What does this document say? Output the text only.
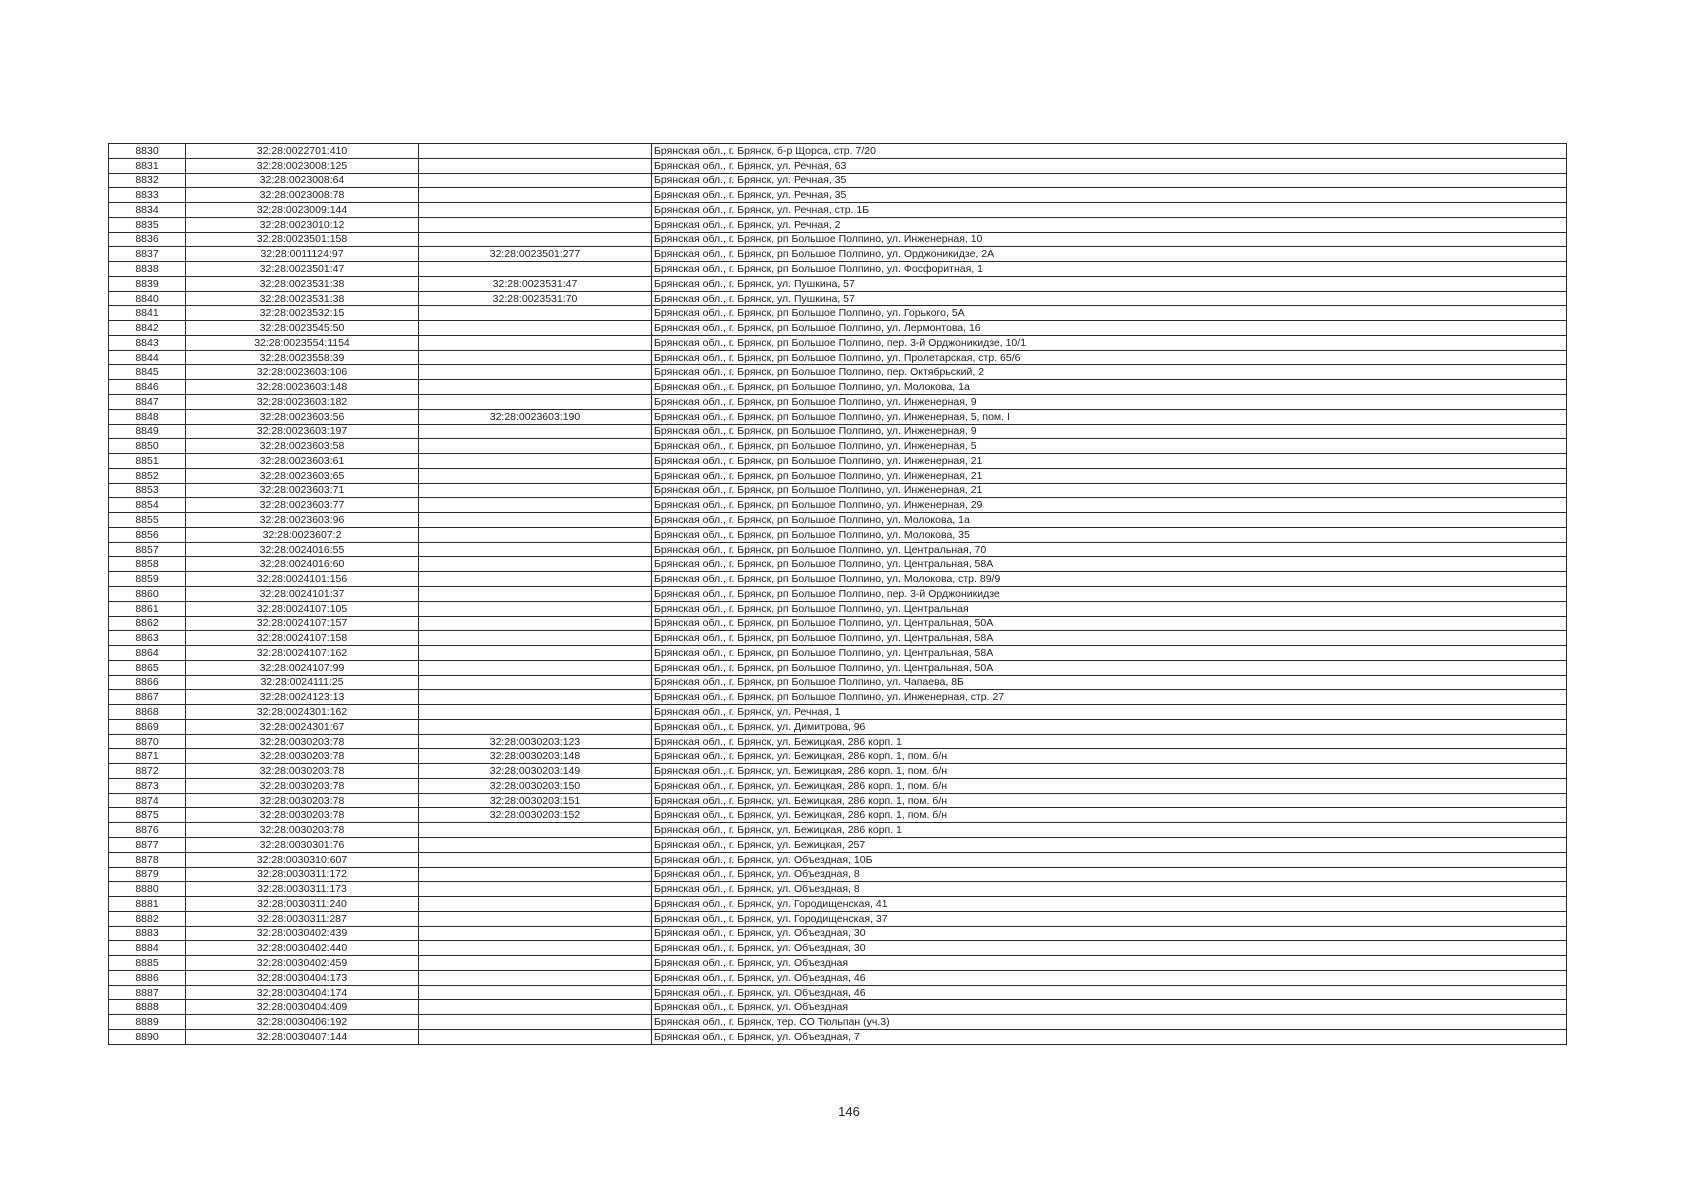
8830	32:28:0022701:410		Брянская обл., г. Брянск, б-р Щорса, стр. 7/20
8831	32:28:0023008:125		Брянская обл., г. Брянск, ул. Речная, 63
8832	32:28:0023008:64		Брянская обл., г. Брянск, ул. Речная, 35
8833	32:28:0023008:78		Брянская обл., г. Брянск, ул. Речная, 35
8834	32:28:0023009:144		Брянская обл., г. Брянск, ул. Речная, стр. 1Б
8835	32:28:0023010:12		Брянская обл., г. Брянск, ул. Речная, 2
8836	32:28:0023501:158		Брянская обл., г. Брянск, рп Большое Полпино, ул. Инженерная, 10
8837	32:28:0011124:97	32:28:0023501:277	Брянская обл., г. Брянск, рп Большое Полпино, ул. Орджоникидзе, 2А
8838	32:28:0023501:47		Брянская обл., г. Брянск, рп Большое Полпино, ул. Фосфоритная, 1
8839	32:28:0023531:38	32:28:0023531:47	Брянская обл., г. Брянск, ул. Пушкина, 57
8840	32:28:0023531:38	32:28:0023531:70	Брянская обл., г. Брянск, ул. Пушкина, 57
8841	32:28:0023532:15		Брянская обл., г. Брянск, рп Большое Полпино, ул. Горького, 5А
8842	32:28:0023545:50		Брянская обл., г. Брянск, рп Большое Полпино, ул. Лермонтова, 16
8843	32:28:0023554:1154		Брянская обл., г. Брянск, рп Большое Полпино, пер. 3-й Орджоникидзе, 10/1
8844	32:28:0023558:39		Брянская обл., г. Брянск, рп Большое Полпино, ул. Пролетарская, стр. 65/6
8845	32:28:0023603:106		Брянская обл., г. Брянск, рп Большое Полпино, пер. Октябрьский, 2
8846	32:28:0023603:148		Брянская обл., г. Брянск, рп Большое Полпино, ул. Молокова, 1а
8847	32:28:0023603:182		Брянская обл., г. Брянск, рп Большое Полпино, ул. Инженерная, 9
8848	32:28:0023603:56	32:28:0023603:190	Брянская обл., г. Брянск, рп Большое Полпино, ул. Инженерная, 5, пом. I
8849	32:28:0023603:197		Брянская обл., г. Брянск, рп Большое Полпино, ул. Инженерная, 9
8850	32:28:0023603:58		Брянская обл., г. Брянск, рп Большое Полпино, ул. Инженерная, 5
8851	32:28:0023603:61		Брянская обл., г. Брянск, рп Большое Полпино, ул. Инженерная, 21
8852	32:28:0023603:65		Брянская обл., г. Брянск, рп Большое Полпино, ул. Инженерная, 21
8853	32:28:0023603:71		Брянская обл., г. Брянск, рп Большое Полпино, ул. Инженерная, 21
8854	32:28:0023603:77		Брянская обл., г. Брянск, рп Большое Полпино, ул. Инженерная, 29
8855	32:28:0023603:96		Брянская обл., г. Брянск, рп Большое Полпино, ул. Молокова, 1а
8856	32:28:0023607:2		Брянская обл., г. Брянск, рп Большое Полпино, ул. Молокова, 35
8857	32:28:0024016:55		Брянская обл., г. Брянск, рп Большое Полпино, ул. Центральная, 70
8858	32:28:0024016:60		Брянская обл., г. Брянск, рп Большое Полпино, ул. Центральная, 58А
8859	32:28:0024101:156		Брянская обл., г. Брянск, рп Большое Полпино, ул. Молокова, стр. 89/9
8860	32:28:0024101:37		Брянская обл., г. Брянск, рп Большое Полпино, пер. 3-й Орджоникидзе
8861	32:28:0024107:105		Брянская обл., г. Брянск, рп Большое Полпино, ул. Центральная
8862	32:28:0024107:157		Брянская обл., г. Брянск, рп Большое Полпино, ул. Центральная, 50А
8863	32:28:0024107:158		Брянская обл., г. Брянск, рп Большое Полпино, ул. Центральная, 58А
8864	32:28:0024107:162		Брянская обл., г. Брянск, рп Большое Полпино, ул. Центральная, 58А
8865	32:28:0024107:99		Брянская обл., г. Брянск, рп Большое Полпино, ул. Центральная, 50А
8866	32:28:0024111:25		Брянская обл., г. Брянск, рп Большое Полпино, ул. Чапаева, 8Б
8867	32:28:0024123:13		Брянская обл., г. Брянск, рп Большое Полпино, ул. Инженерная, стр. 27
8868	32:28:0024301:162		Брянская обл., г. Брянск, ул. Речная, 1
8869	32:28:0024301:67		Брянская обл., г. Брянск, ул. Димитрова, 96
8870	32:28:0030203:78	32:28:0030203:123	Брянская обл., г. Брянск, ул. Бежицкая, 286 корп. 1
8871	32:28:0030203:78	32:28:0030203:148	Брянская обл., г. Брянск, ул. Бежицкая, 286 корп. 1, пом. б/н
8872	32:28:0030203:78	32:28:0030203:149	Брянская обл., г. Брянск, ул. Бежицкая, 286 корп. 1, пом. б/н
8873	32:28:0030203:78	32:28:0030203:150	Брянская обл., г. Брянск, ул. Бежицкая, 286 корп. 1, пом. б/н
8874	32:28:0030203:78	32:28:0030203:151	Брянская обл., г. Брянск, ул. Бежицкая, 286 корп. 1, пом. б/н
8875	32:28:0030203:78	32:28:0030203:152	Брянская обл., г. Брянск, ул. Бежицкая, 286 корп. 1, пом. б/н
8876	32:28:0030203:78		Брянская обл., г. Брянск, ул. Бежицкая, 286 корп. 1
8877	32:28:0030301:76		Брянская обл., г. Брянск, ул. Бежицкая, 257
8878	32:28:0030310:607		Брянская обл., г. Брянск, ул. Объездная, 10Б
8879	32:28:0030311:172		Брянская обл., г. Брянск, ул. Объездная, 8
8880	32:28:0030311:173		Брянская обл., г. Брянск, ул. Объездная, 8
8881	32:28:0030311:240		Брянская обл., г. Брянск, ул. Городищенская, 41
8882	32:28:0030311:287		Брянская обл., г. Брянск, ул. Городищенская, 37
8883	32:28:0030402:439		Брянская обл., г. Брянск, ул. Объездная, 30
8884	32:28:0030402:440		Брянская обл., г. Брянск, ул. Объездная, 30
8885	32:28:0030402:459		Брянская обл., г. Брянск, ул. Объездная
8886	32:28:0030404:173		Брянская обл., г. Брянск, ул. Объездная, 46
8887	32:28:0030404:174		Брянская обл., г. Брянск, ул. Объездная, 46
8888	32:28:0030404:409		Брянская обл., г. Брянск, ул. Объездная
8889	32:28:0030406:192		Брянская обл., г. Брянск, тер. СО Тюльпан (уч.3)
8890	32:28:0030407:144		Брянская обл., г. Брянск, ул. Объездная, 7
146
